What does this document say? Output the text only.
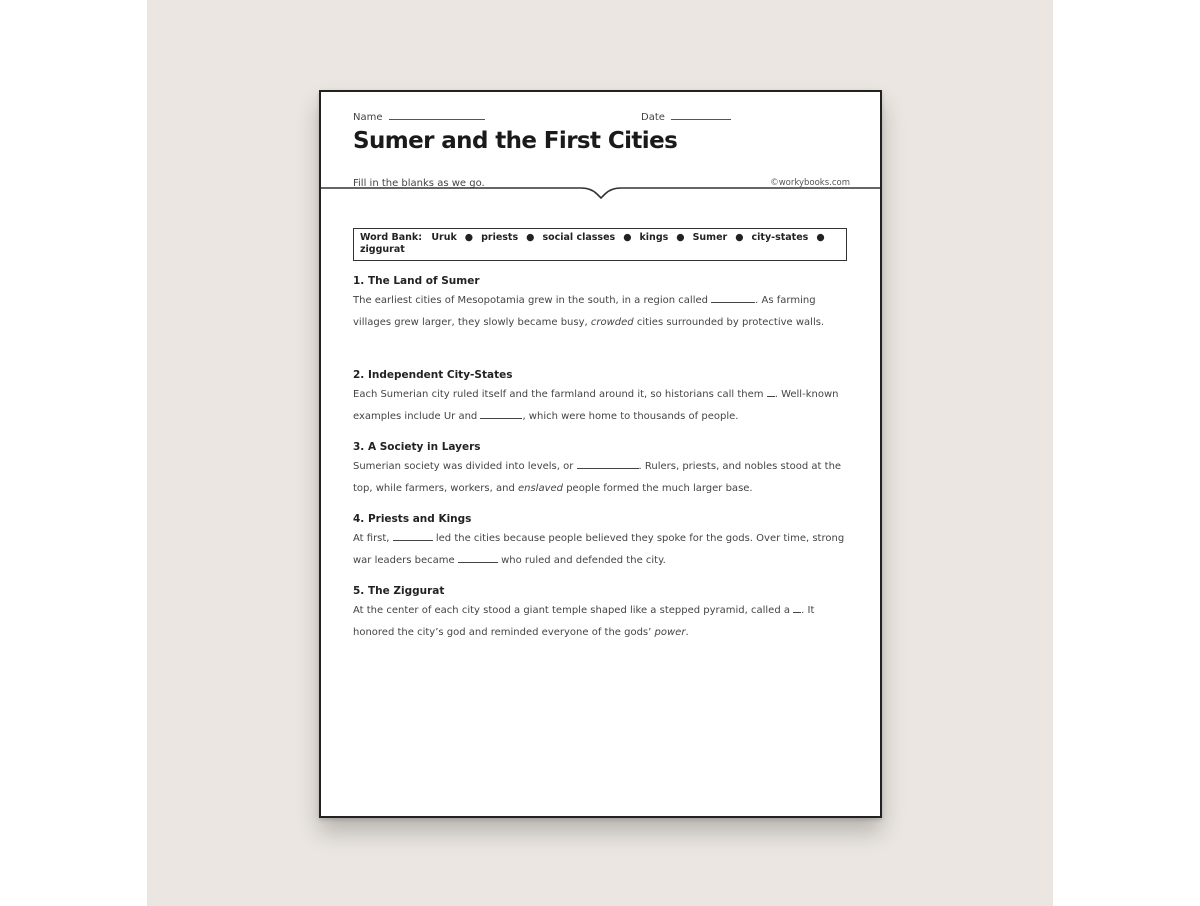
Name	Date
Sumer and the First Cities
Fill in the blanks as we go.	©workybooks.com
Word Bank: Uruk ● priests ● social classes ● kings ● Sumer ● city-states ●
ziggurat
1. The Land of Sumer

The earliest cities of Mesopotamia grew in the south, in a region called	. As farming villages grew larger, they slowly became busy, crowded cities surrounded by protective walls.

2. Independent City-States

Each Sumerian city ruled itself and the farmland around it, so historians call them . Well-known examples include Ur and	, which were home to thousands of people.

3. A Society in Layers

Sumerian society was divided into levels, or	. Rulers, priests, and nobles stood at the top, while farmers, workers, and enslaved people formed the much larger base.

4. Priests and Kings

At first,	led the cities because people believed they spoke for the gods. Over time, strong war leaders became	who ruled and defended the city.

5. The Ziggurat

At the center of each city stood a giant temple shaped like a stepped pyramid, called a . It honored the city’s god and reminded everyone of the gods’ power.
